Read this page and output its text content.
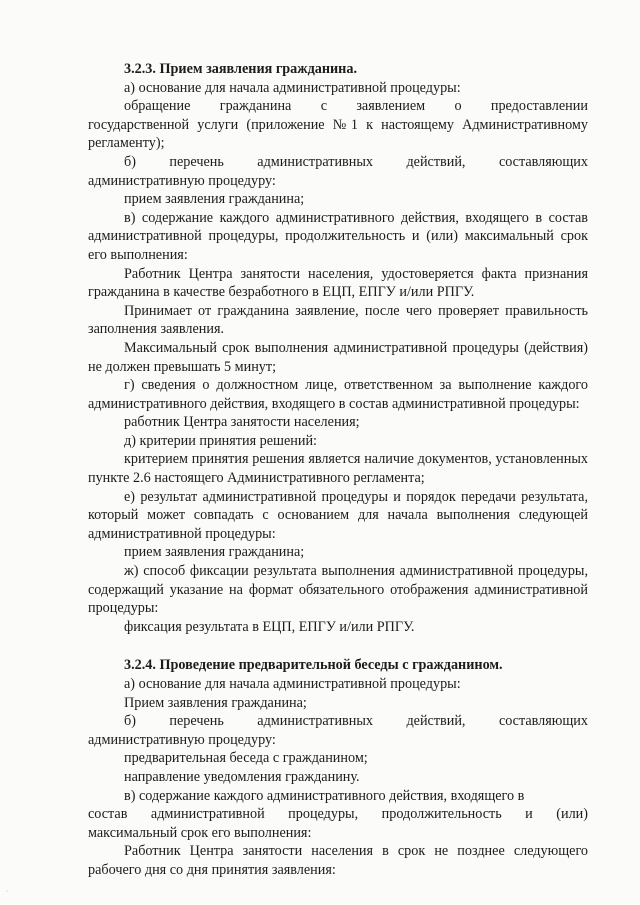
3.2.3. Прием заявления гражданина.

а) основание для начала административной процедуры:

обращение гражданина с заявлением о предоставлении

государственной услуги (приложение №1 к настоящему Административному регламенту);

б) перечень административных действий, составляющих

административную процедуру:

прием заявления гражданина;

в) содержание каждого административного действия, входящего в состав административной процедуры, продолжительность и (или) максимальный срок его выполнения:

Работник Центра занятости населения, удостоверяется факта признания гражданина в качестве безработного в ЕЦП, ЕПГУ и/или РПГУ.

Принимает от гражданина заявление, после чего проверяет правильность заполнения заявления.

Максимальный срок выполнения административной процедуры (действия) не должен превышать 5 минут;

г) сведения о должностном лице, ответственном за выполнение каждого административного действия, входящего в состав административной процедуры:

работник Центра занятости населения;

д) критерии принятия решений:

критерием принятия решения является наличие документов, установленных пункте 2.6 настоящего Административного регламента;

е) результат административной процедуры и порядок передачи результата, который может совпадать с основанием для начала выполнения следующей административной процедуры:

прием заявления гражданина;

ж) способ фиксации результата выполнения административной процедуры, содержащий указание на формат обязательного отображения административной процедуры:

фиксация результата в ЕЦП, ЕПГУ и/или РПГУ.

3.2.4. Проведение предварительной беседы с гражданином.

а) основание для начала административной процедуры:

Прием заявления гражданина;

б) перечень административных действий, составляющих

административную процедуру:

предварительная беседа с гражданином;

направление уведомления гражданину.

в) содержание каждого административного действия, входящего в

состав административной процедуры, продолжительность и (или)

максимальный срок его выполнения:

Работник Центра занятости населения в срок не позднее следующего рабочего дня со дня принятия заявления:

·
